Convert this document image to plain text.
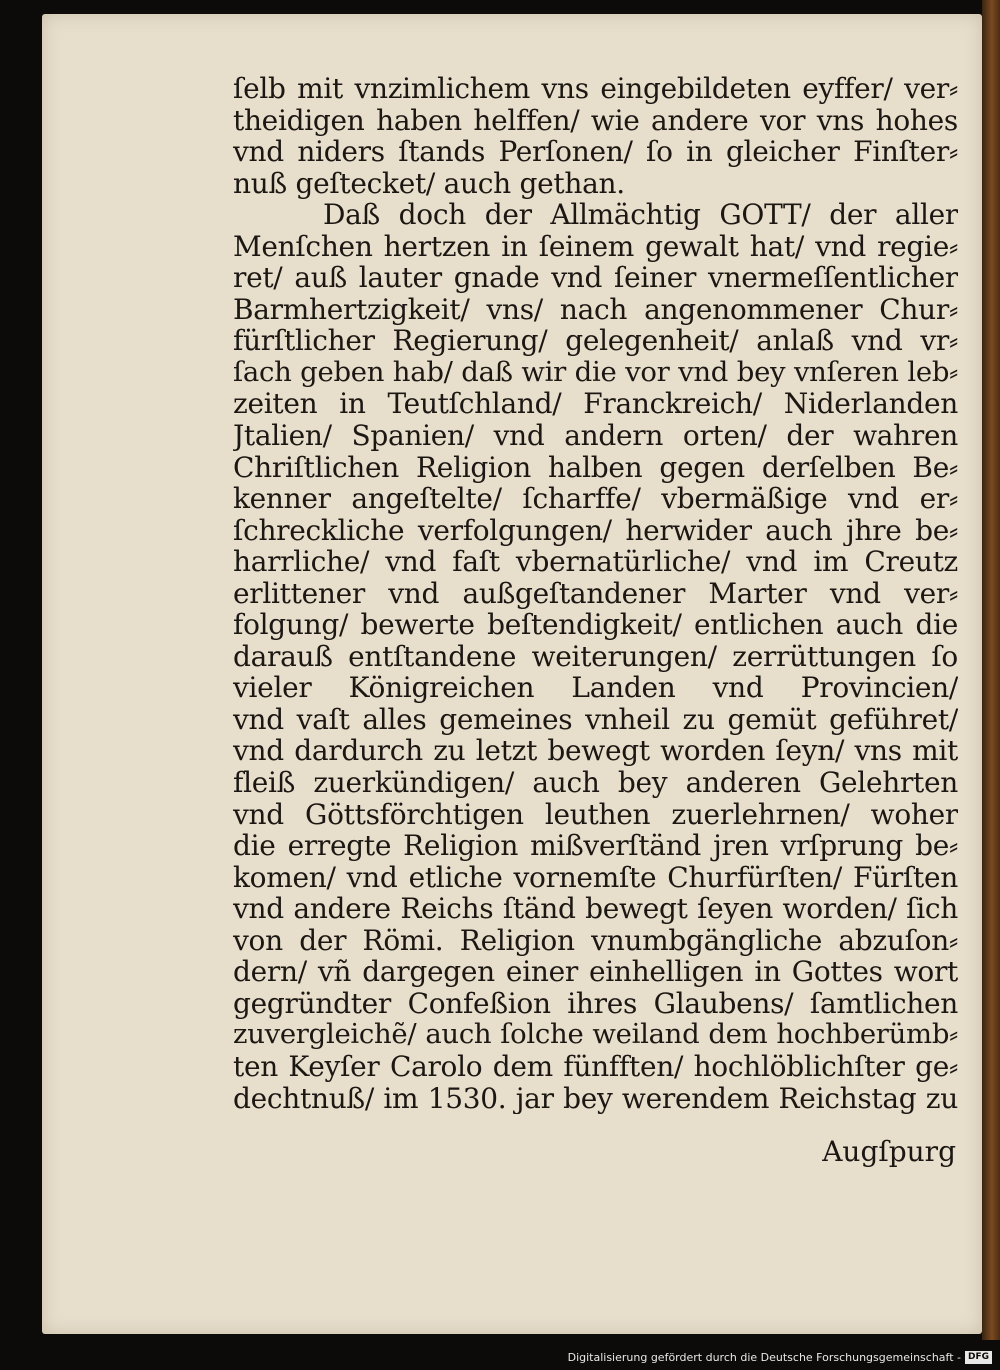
ſelb mit vnzimlichem vns eingebildeten eyffer/ ver⸗
theidigen haben helffen/ wie andere vor vns hohes
vnd niders ſtands Perſonen/ ſo in gleicher Finſter⸗
nuß geſtecket/ auch gethan.
Daß doch der Allmächtig GOTT/ der aller
Menſchen hertzen in ſeinem gewalt hat/ vnd regie⸗
ret/ auß lauter gnade vnd ſeiner vnermeſſentlicher
Barmhertzigkeit/ vns/ nach angenommener Chur⸗
fürſtlicher Regierung/ gelegenheit/ anlaß vnd vr⸗
ſach geben hab/ daß wir die vor vnd bey vnſeren leb⸗
zeiten in Teutſchland/ Franckreich/ Niderlanden
Jtalien/ Spanien/ vnd andern orten/ der wahren
Chriſtlichen Religion halben gegen derſelben Be⸗
kenner angeſtelte/ ſcharffe/ vbermäßige vnd er⸗
ſchreckliche verfolgungen/ herwider auch jhre be⸗
harrliche/ vnd faſt vbernatürliche/ vnd im Creutz
erlittener vnd außgeſtandener Marter vnd ver⸗
folgung/ bewerte beſtendigkeit/ entlichen auch die
darauß entſtandene weiterungen/ zerrüttungen ſo
vieler Königreichen Landen vnd Provincien/
vnd vaſt alles gemeines vnheil zu gemüt geführet/
vnd dardurch zu letzt bewegt worden ſeyn/ vns mit
fleiß zuerkündigen/ auch bey anderen Gelehrten
vnd Göttsförchtigen leuthen zuerlehrnen/ woher
die erregte Religion mißverſtänd jren vrſprung be⸗
komen/ vnd etliche vornemſte Churfürſten/ Fürſten
vnd andere Reichs ſtänd bewegt ſeyen worden/ ſich
von der Römi. Religion vnumbgängliche abzuſon⸗
dern/ vñ dargegen einer einhelligen in Gottes wort
gegründter Confeßion ihres Glaubens/ ſamtlichen
zuvergleichẽ/ auch ſolche weiland dem hochberümb⸗
ten Keyſer Carolo dem fünfften/ hochlöblichſter ge⸗
dechtnuß/ im 1530. jar bey werendem Reichstag zu
Augſpurg
Digitalisierung gefördert durch die Deutsche Forschungsgemeinschaft - DFG
